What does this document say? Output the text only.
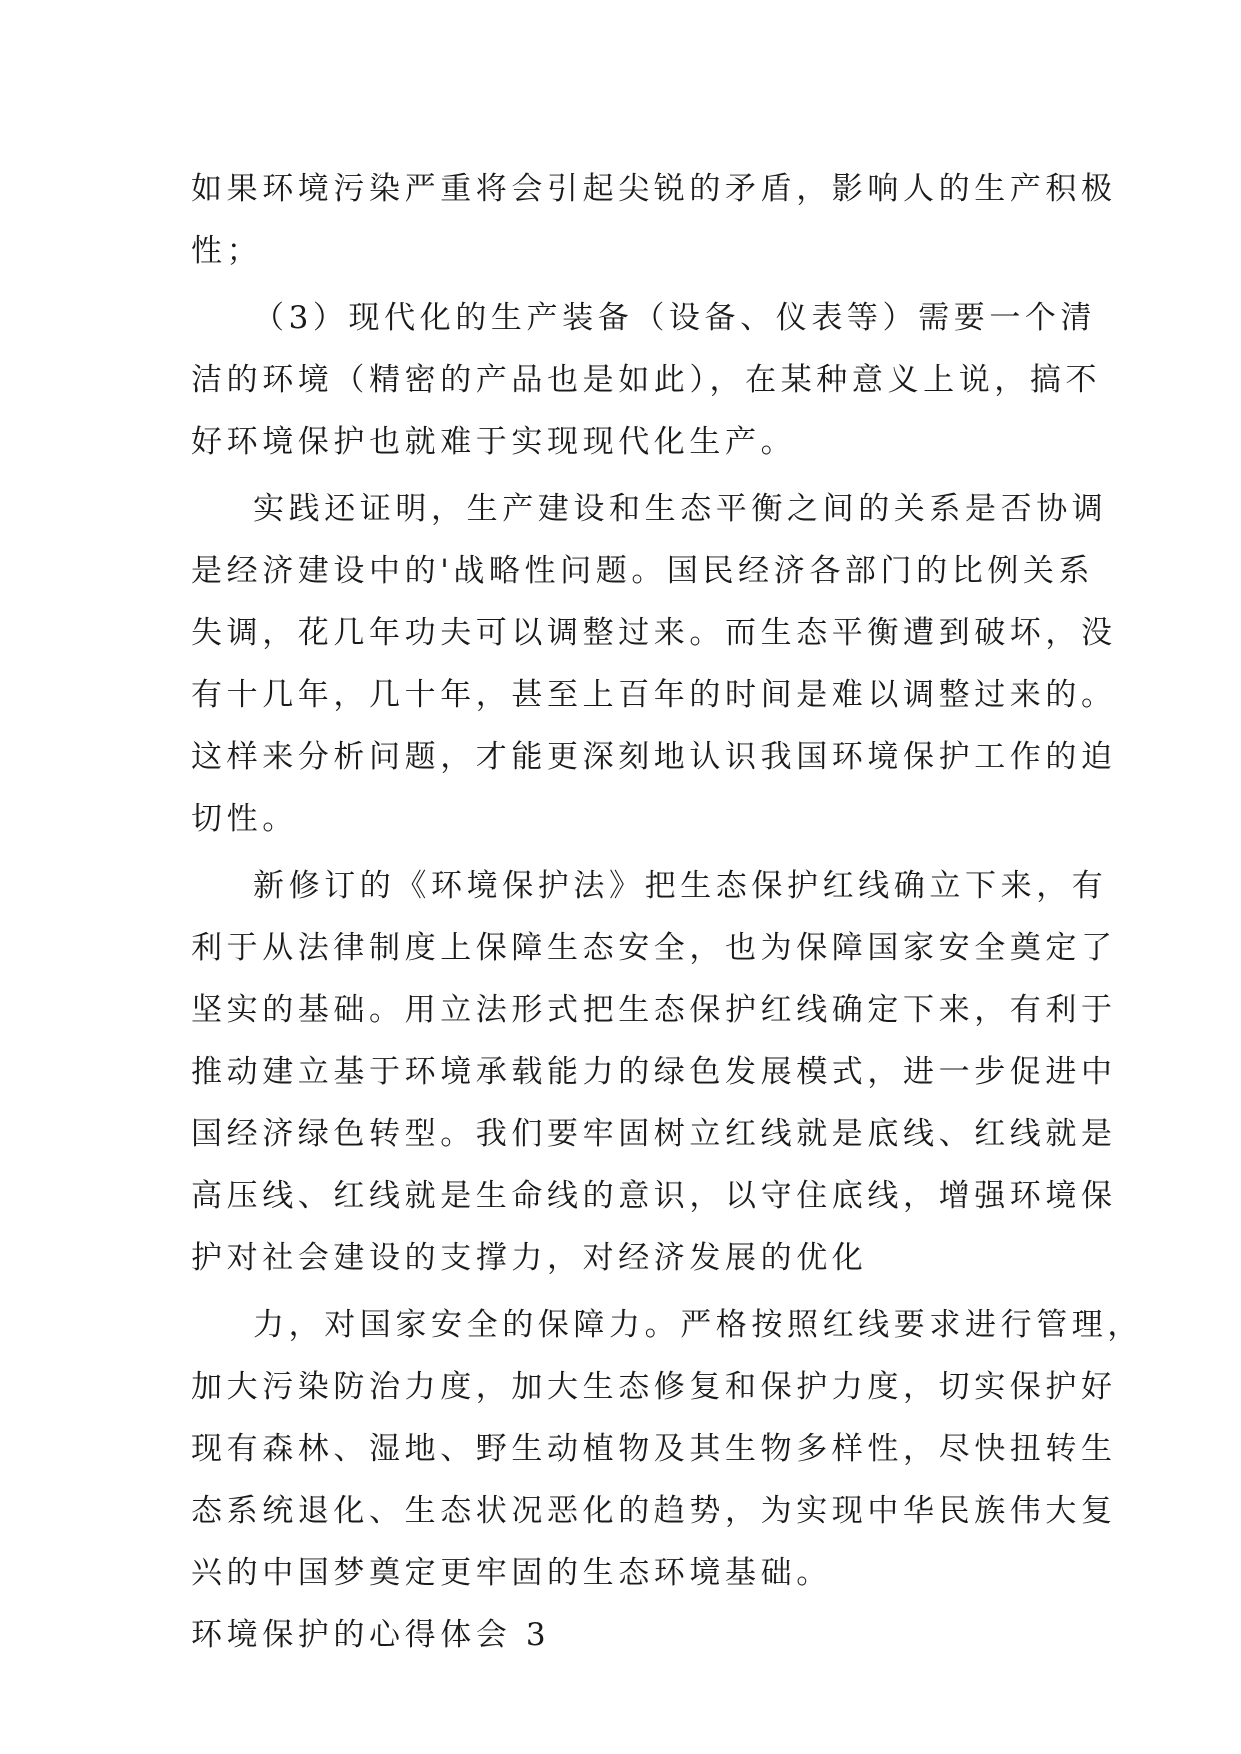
如果环境污染严重将会引起尖锐的矛盾，影响人的生产积极
性；
（3）现代化的生产装备（设备、仪表等）需要一个清
洁的环境（精密的产品也是如此），在某种意义上说，搞不
好环境保护也就难于实现现代化生产。
实践还证明，生产建设和生态平衡之间的关系是否协调
是经济建设中的'战略性问题。国民经济各部门的比例关系
失调，花几年功夫可以调整过来。而生态平衡遭到破坏，没
有十几年，几十年，甚至上百年的时间是难以调整过来的。
这样来分析问题，才能更深刻地认识我国环境保护工作的迫
切性。
新修订的《环境保护法》把生态保护红线确立下来，有
利于从法律制度上保障生态安全，也为保障国家安全奠定了
坚实的基础。用立法形式把生态保护红线确定下来，有利于
推动建立基于环境承载能力的绿色发展模式，进一步促进中
国经济绿色转型。我们要牢固树立红线就是底线、红线就是
高压线、红线就是生命线的意识，以守住底线，增强环境保
护对社会建设的支撑力，对经济发展的优化
力，对国家安全的保障力。严格按照红线要求进行管理，
加大污染防治力度，加大生态修复和保护力度，切实保护好
现有森林、湿地、野生动植物及其生物多样性，尽快扭转生
态系统退化、生态状况恶化的趋势，为实现中华民族伟大复
兴的中国梦奠定更牢固的生态环境基础。
环境保护的心得体会 3
